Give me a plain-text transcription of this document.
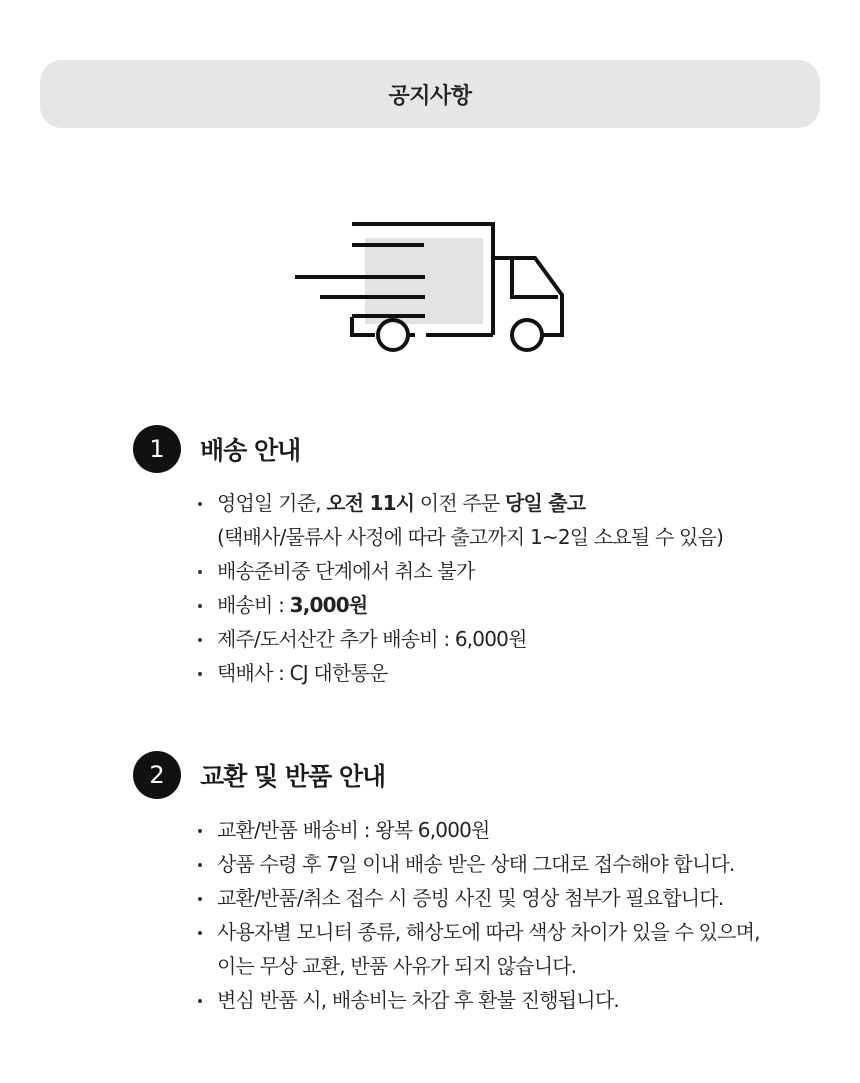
공지사항
1	배송 안내
영업일 기준, 오전 11시 이전 주문 당일 출고
(택배사/물류사 사정에 따라 출고까지 1~2일 소요될 수 있음)
배송준비중 단계에서 취소 불가
배송비 : 3,000원
제주/도서산간 추가 배송비 : 6,000원
택배사 : CJ 대한통운
2	교환 및 반품 안내
교환/반품 배송비 : 왕복 6,000원
상품 수령 후 7일 이내 배송 받은 상태 그대로 접수해야 합니다.
교환/반품/취소 접수 시 증빙 사진 및 영상 첨부가 필요합니다.
사용자별 모니터 종류, 해상도에 따라 색상 차이가 있을 수 있으며,
이는 무상 교환, 반품 사유가 되지 않습니다.
변심 반품 시, 배송비는 차감 후 환불 진행됩니다.
